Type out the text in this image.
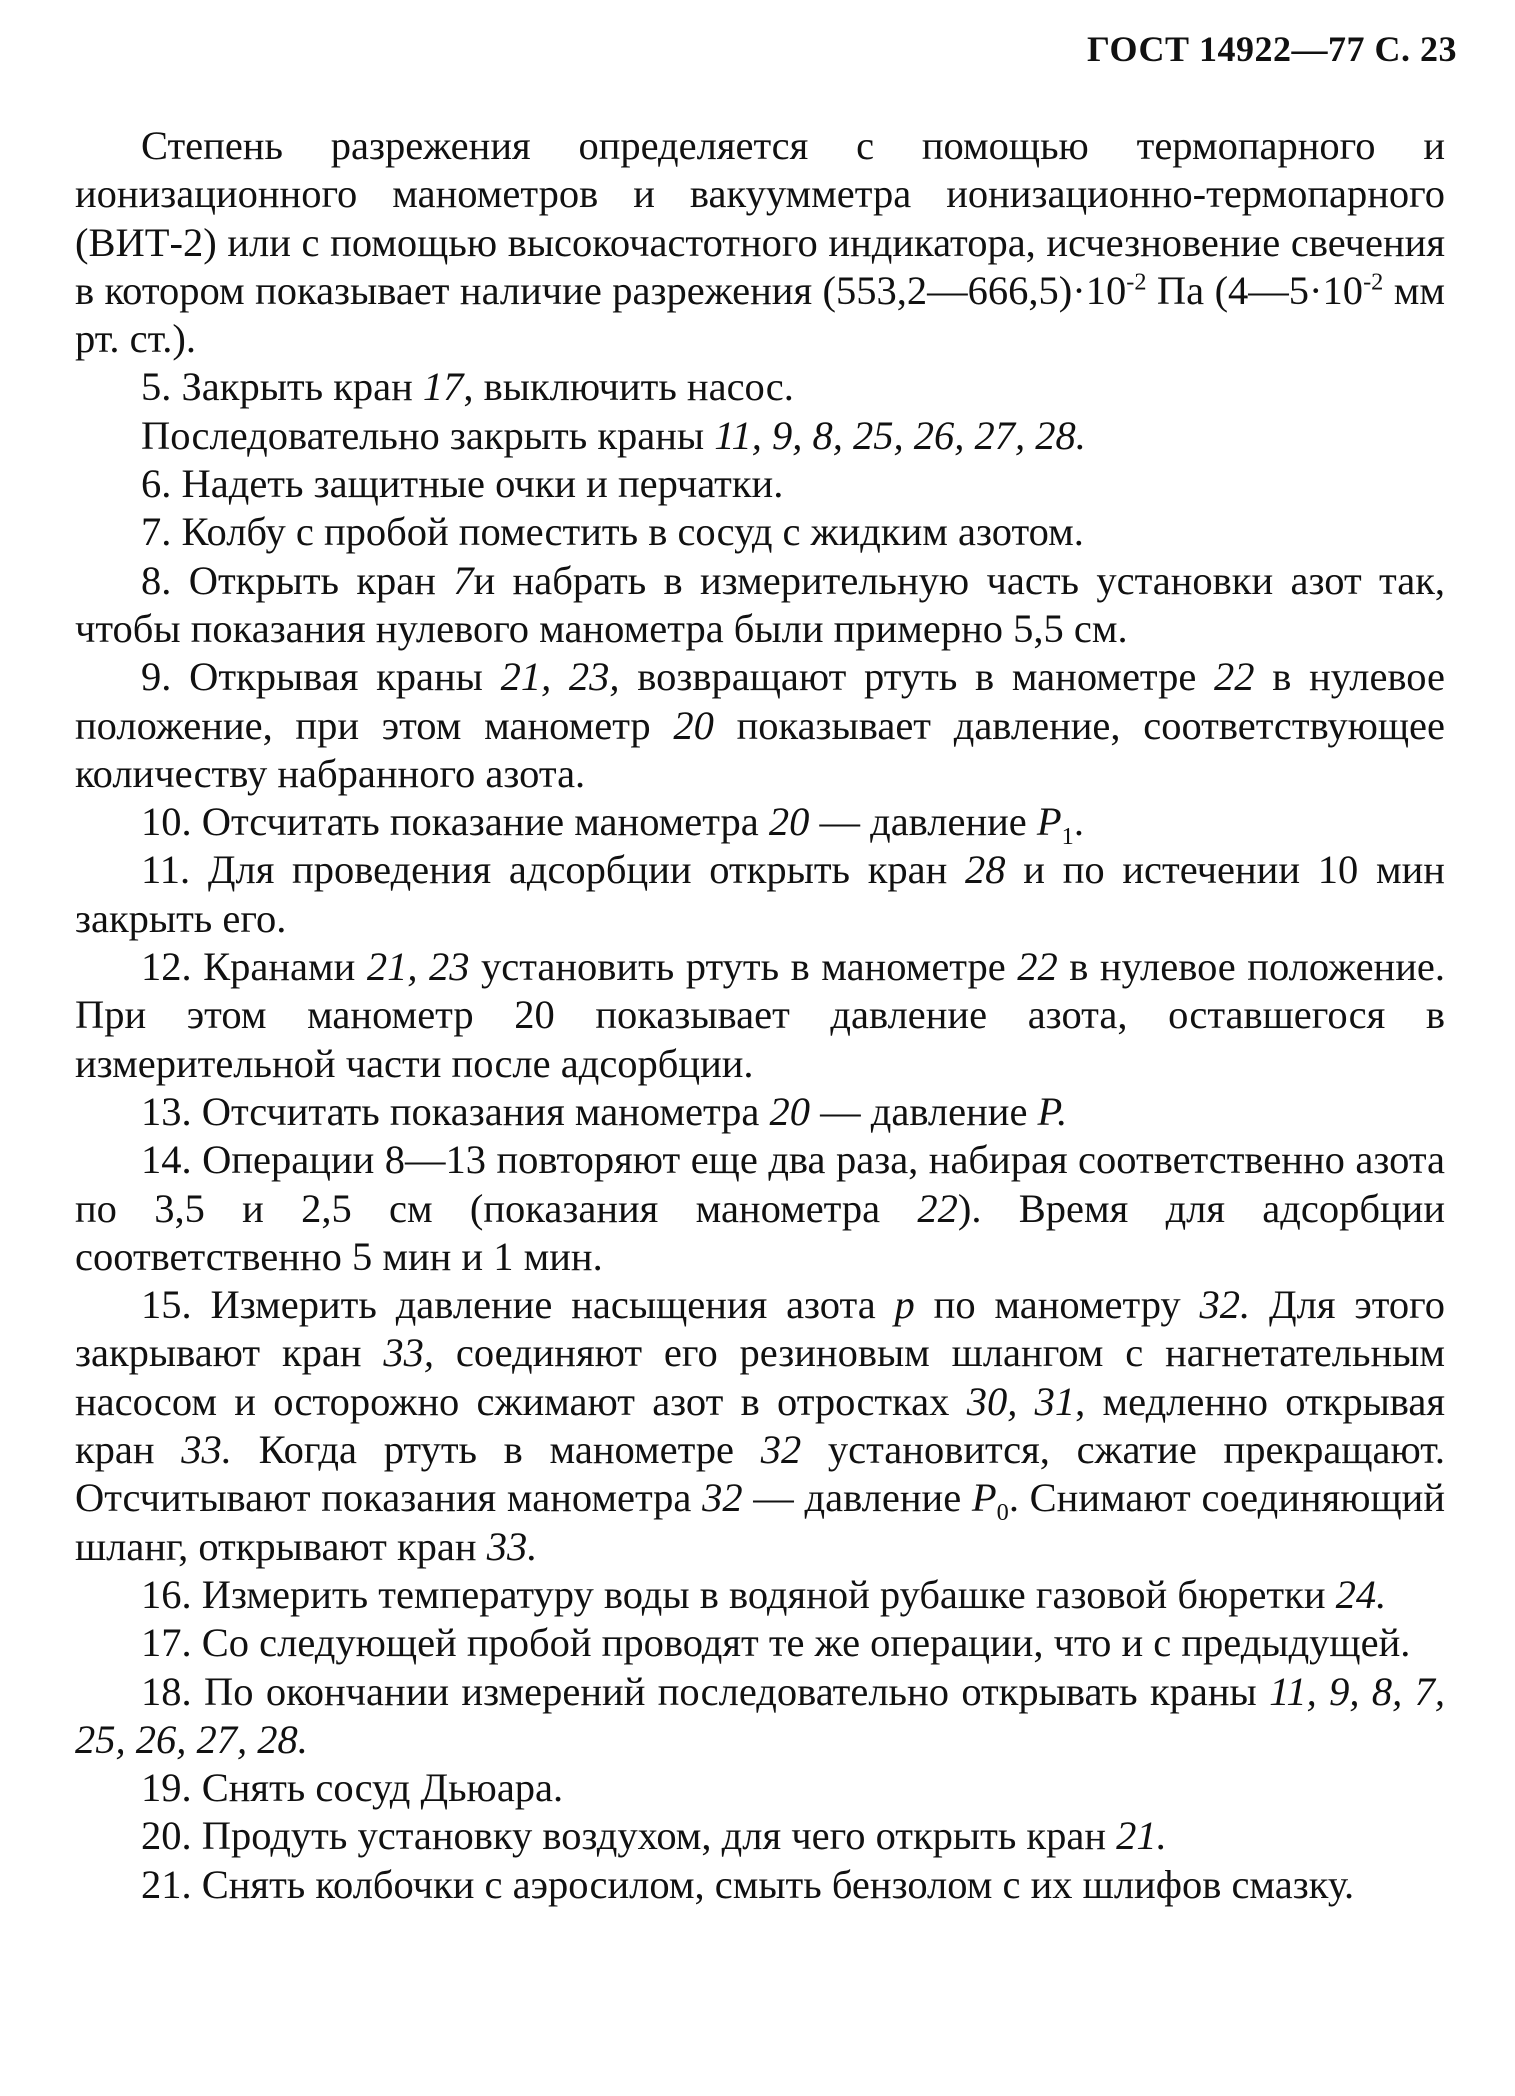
ГОСТ 14922—77 С. 23

Степень разрежения определяется с помощью термопарного и ионизационного манометров и вакуумметра ионизационно-термопарного (ВИТ-2) или с помощью высокочастотного индикатора, исчезновение свечения в котором показывает наличие разрежения $(553,2—666,5)\cdot 10^{-2}$ Па ($4—5\cdot 10^{-2}$ мм рт. ст.).

5. Закрыть кран 17, выключить насос.

Последовательно закрыть краны 11, 9, 8, 25, 26, 27, 28.

6. Надеть защитные очки и перчатки.

7. Колбу с пробой поместить в сосуд с жидким азотом.

8. Открыть кран 7и набрать в измерительную часть установки азот так, чтобы показания нулевого манометра были примерно 5,5 см.

9. Открывая краны 21, 23, возвращают ртуть в манометре 22 в нулевое положение, при этом манометр 20 показывает давление, соответствующее количеству набранного азота.

10. Отсчитать показание манометра 20 — давление $P_1$.

11. Для проведения адсорбции открыть кран 28 и по истечении 10 мин закрыть его.

12. Кранами 21, 23 установить ртуть в манометре 22 в нулевое положение. При этом манометр 20 показывает давление азота, оставшегося в измерительной части после адсорбции.

13. Отсчитать показания манометра 20 — давление P.

14. Операции 8—13 повторяют еще два раза, набирая соответственно азота по 3,5 и 2,5 см (показания манометра 22). Время для адсорбции соответственно 5 мин и 1 мин.

15. Измерить давление насыщения азота p по манометру 32. Для этого закрывают кран 33, соединяют его резиновым шлангом с нагнетательным насосом и осторожно сжимают азот в отростках 30, 31, медленно открывая кран 33. Когда ртуть в манометре 32 установится, сжатие прекращают. Отсчитывают показания манометра 32 — давление $P_0$. Снимают соединяющий шланг, открывают кран 33.

16. Измерить температуру воды в водяной рубашке газовой бюретки 24.

17. Со следующей пробой проводят те же операции, что и с предыдущей.

18. По окончании измерений последовательно открывать краны 11, 9, 8, 7, 25, 26, 27, 28.

19. Снять сосуд Дьюара.

20. Продуть установку воздухом, для чего открыть кран 21.

21. Снять колбочки с аэросилом, смыть бензолом с их шлифов смазку.
